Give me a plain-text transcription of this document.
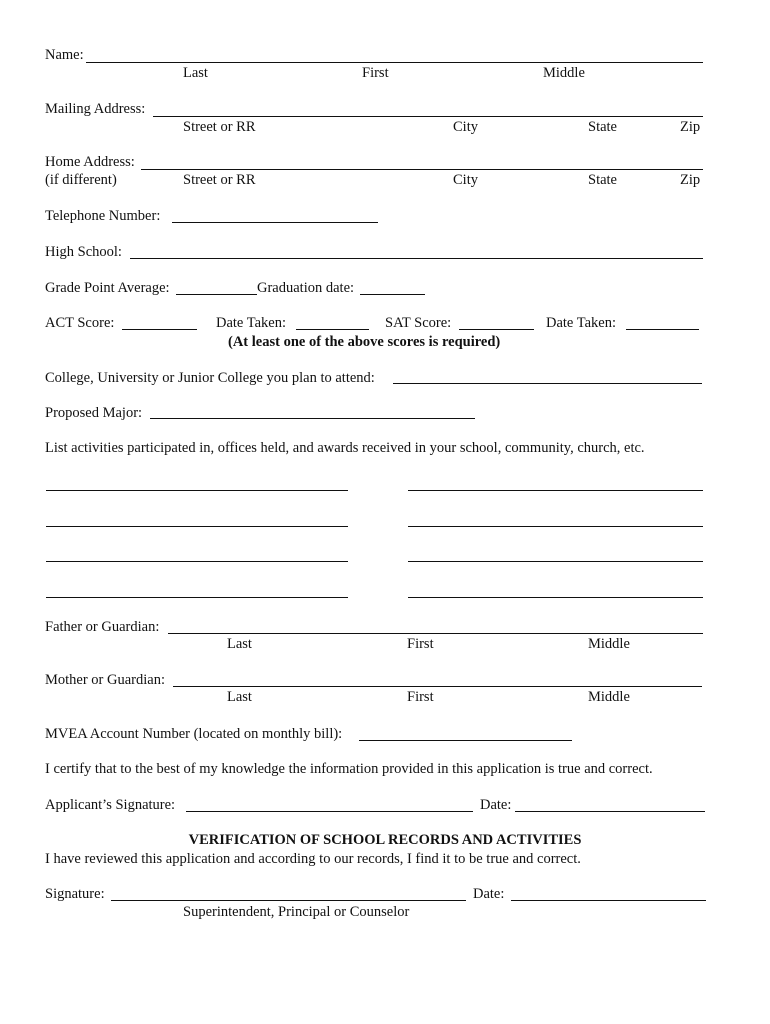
Name:
Last	First	Middle
Mailing Address:
Street or RR	City	State	Zip
Home Address:
(if different)	Street or RR	City	State	Zip
Telephone Number:
High School:
Grade Point Average:	Graduation date:
ACT Score:	Date Taken:	SAT Score:	Date Taken:
(At least one of the above scores is required)
College, University or Junior College you plan to attend:
Proposed Major:
List activities participated in, offices held, and awards received in your school, community, church, etc.
Father or Guardian:
Last	First	Middle
Mother or Guardian:
Last	First	Middle
MVEA Account Number (located on monthly bill):
I certify that to the best of my knowledge the information provided in this application is true and correct.
Applicant’s Signature:	Date:
VERIFICATION OF SCHOOL RECORDS AND ACTIVITIES
I have reviewed this application and according to our records, I find it to be true and correct.
Signature:	Date:
Superintendent, Principal or Counselor
